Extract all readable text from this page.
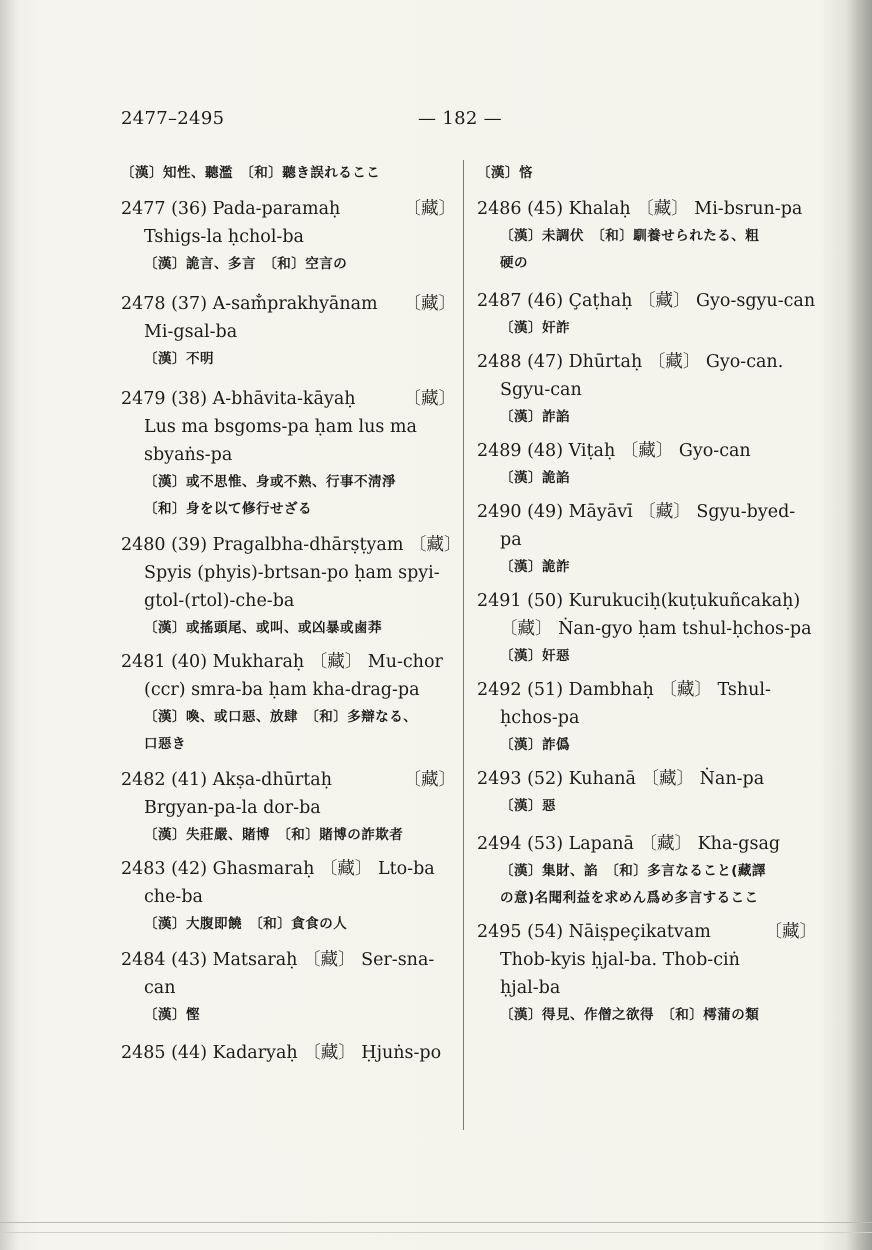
2477–2495	— 182 —
〔漢〕知性、聽濫　〔和〕聽き誤れるここ
2477 (36) Pada-paramaḥ	〔藏〕
Tshigs-la ḥchol-ba
〔漢〕詭言、多言　〔和〕空言の
2478 (37) A-sam̐prakhyānam 〔藏〕
Mi-gsal-ba
〔漢〕不明
2479 (38) A-bhāvita-kāyaḥ	〔藏〕
Lus ma bsgoms-pa ḥam lus ma
sbyaṅs-pa
〔漢〕或不思惟、身或不熟、行事不淸淨
〔和〕身を以て修行せざる
2480 (39) Pragalbha-dhārṣṭyam 〔藏〕
Spyis (phyis)-brtsan-po ḥam spyi-
gtol-(rtol)-che-ba
〔漢〕或搖頭尾、或叫、或凶暴或鹵莽
2481 (40) Mukharaḥ 〔藏〕 Mu-chor
(ccr) smra-ba ḥam kha-drag-pa
〔漢〕喚、或口惡、放肆　〔和〕多辯なる、
口惡き
2482 (41) Akṣa-dhūrtaḥ	〔藏〕
Brgyan-pa-la dor-ba
〔漢〕失莊嚴、賭博　〔和〕賭博の詐欺者
2483 (42) Ghasmaraḥ 〔藏〕 Lto-ba
che-ba
〔漢〕大腹即饒　〔和〕貪食の人
2484 (43) Matsaraḥ 〔藏〕 Ser-sna-
can
〔漢〕慳
2485 (44) Kadaryaḥ 〔藏〕 Ḥjuṅs-po
〔漢〕悋
2486 (45) Khalaḥ 〔藏〕 Mi-bsrun-pa
〔漢〕未調伏　〔和〕馴養せられたる、粗
硬の
2487 (46) Çaṭhaḥ 〔藏〕 Gyo-sgyu-can
〔漢〕奸詐
2488 (47) Dhūrtaḥ 〔藏〕 Gyo-can.
Sgyu-can
〔漢〕詐諂
2489 (48) Viṭaḥ 〔藏〕 Gyo-can
〔漢〕詭諂
2490 (49) Māyāvī 〔藏〕 Sgyu-byed-
pa
〔漢〕詭詐
2491 (50) Kurukuciḥ(kuṭukuñcakaḥ)
〔藏〕 Ṅan-gyo ḥam tshul-ḥchos-pa
〔漢〕奸惡
2492 (51) Dambhaḥ 〔藏〕 Tshul-
ḥchos-pa
〔漢〕詐僞
2493 (52) Kuhanā 〔藏〕 Ṅan-pa
〔漢〕惡
2494 (53) Lapanā 〔藏〕 Kha-gsag
〔漢〕集財、諂　〔和〕多言なること(藏譯
の意)名聞利益を求めん爲め多言するここ
2495 (54) Nāiṣpeçikatvam	〔藏〕
Thob-kyis ḥjal-ba. Thob-ciṅ
ḥjal-ba
〔漢〕得見、作僧之欲得　〔和〕樗蒲の類
